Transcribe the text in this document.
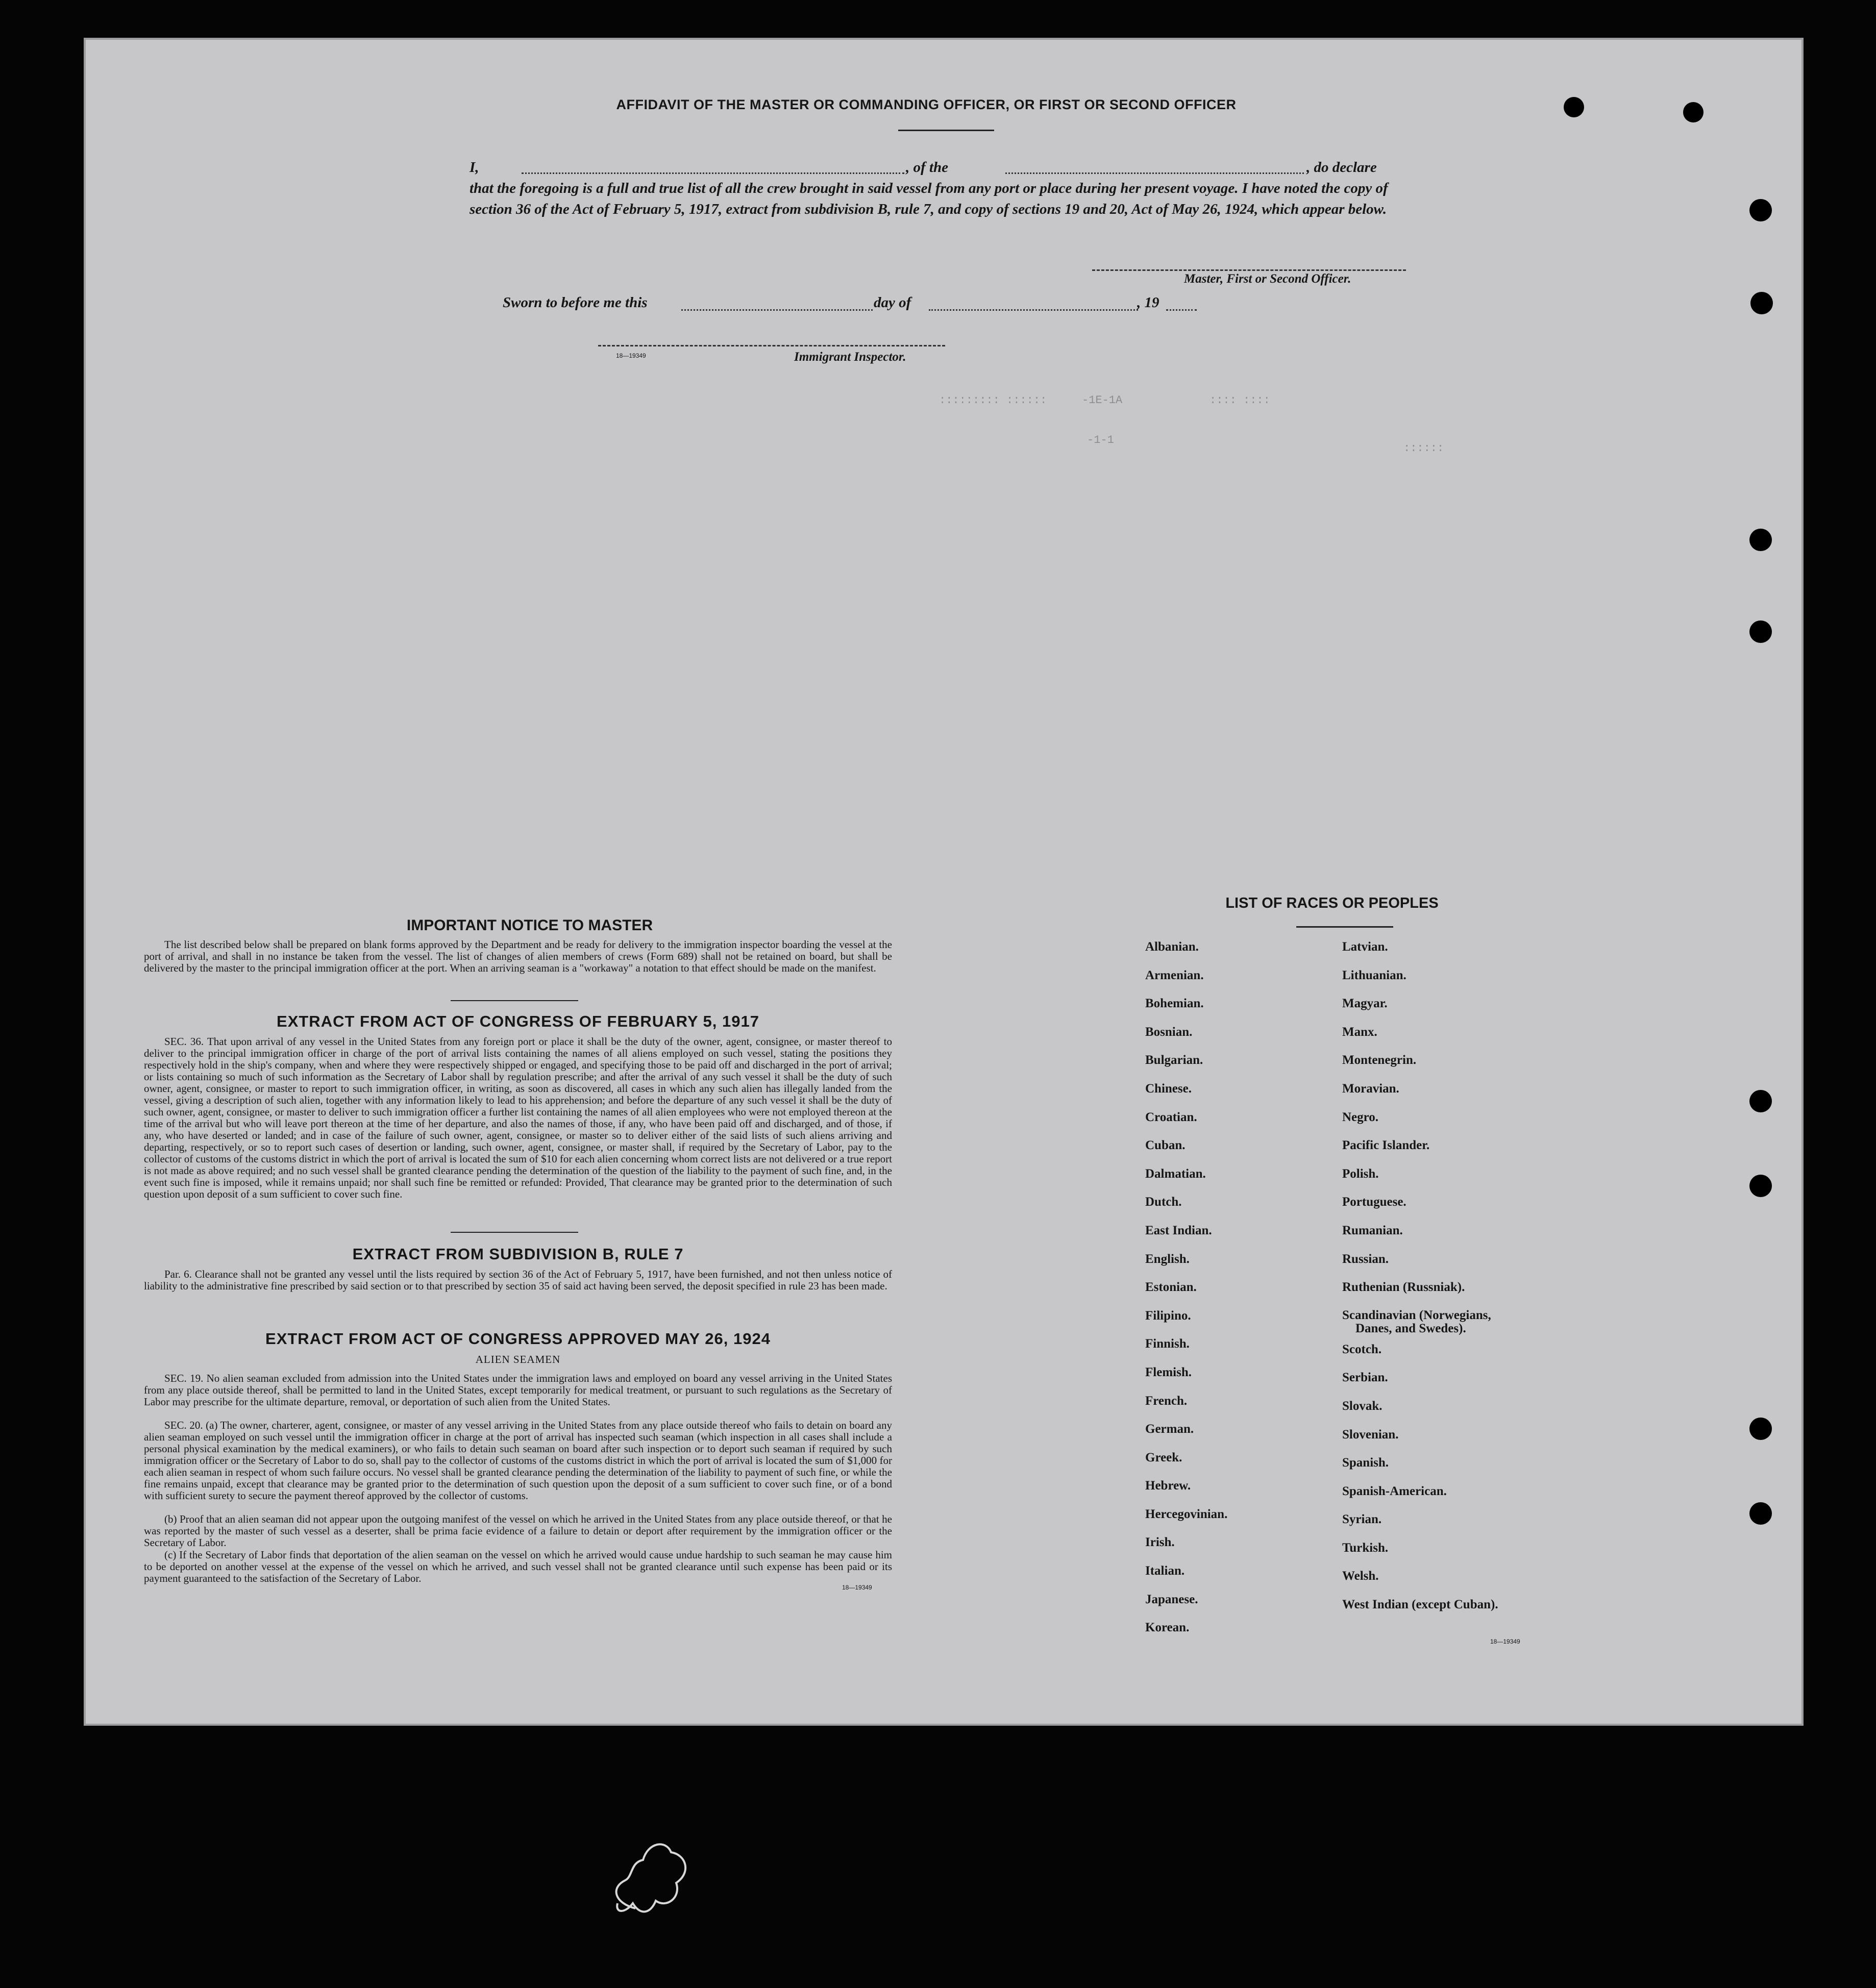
AFFIDAVIT OF THE MASTER OR COMMANDING OFFICER, OR FIRST OR SECOND OFFICER

I,	, of the	, do declare

that the foregoing is a full and true list of all the crew brought in said vessel from any port or place during her present voyage. I have noted the copy of section 36 of the Act of February 5, 1917, extract from subdivision B, rule 7, and copy of sections 19 and 20, Act of May 26, 1924, which appear below.

Master, First or Second Officer.
Sworn to before me this	day of	, 19
18—19349	Immigrant Inspector.
::::::::: ::::::	-1E-1A	:::: ::::
::::::
-1-1
IMPORTANT NOTICE TO MASTER
The list described below shall be prepared on blank forms approved by the Department and be ready for delivery to the immigration inspector boarding the vessel at the port of arrival, and shall in no instance be taken from the vessel. The list of changes of alien members of crews (Form 689) shall not be retained on board, but shall be delivered by the master to the principal immigration officer at the port. When an arriving seaman is a "workaway" a notation to that effect should be made on the manifest.
EXTRACT FROM ACT OF CONGRESS OF FEBRUARY 5, 1917
SEC. 36. That upon arrival of any vessel in the United States from any foreign port or place it shall be the duty of the owner, agent, consignee, or master thereof to deliver to the principal immigration officer in charge of the port of arrival lists containing the names of all aliens employed on such vessel, stating the positions they respectively hold in the ship's company, when and where they were respectively shipped or engaged, and specifying those to be paid off and discharged in the port of arrival; or lists containing so much of such information as the Secretary of Labor shall by regulation prescribe; and after the arrival of any such vessel it shall be the duty of such owner, agent, consignee, or master to report to such immigration officer, in writing, as soon as discovered, all cases in which any such alien has illegally landed from the vessel, giving a description of such alien, together with any information likely to lead to his apprehension; and before the departure of any such vessel it shall be the duty of such owner, agent, consignee, or master to deliver to such immigration officer a further list containing the names of all alien employees who were not employed thereon at the time of the arrival but who will leave port thereon at the time of her departure, and also the names of those, if any, who have been paid off and discharged, and of those, if any, who have deserted or landed; and in case of the failure of such owner, agent, consignee, or master so to deliver either of the said lists of such aliens arriving and departing, respectively, or so to report such cases of desertion or landing, such owner, agent, consignee, or master shall, if required by the Secretary of Labor, pay to the collector of customs of the customs district in which the port of arrival is located the sum of $10 for each alien concerning whom correct lists are not delivered or a true report is not made as above required; and no such vessel shall be granted clearance pending the determination of the question of the liability to the payment of such fine, and, in the event such fine is imposed, while it remains unpaid; nor shall such fine be remitted or refunded: Provided, That clearance may be granted prior to the determination of such question upon deposit of a sum sufficient to cover such fine.
EXTRACT FROM SUBDIVISION B, RULE 7
Par. 6. Clearance shall not be granted any vessel until the lists required by section 36 of the Act of February 5, 1917, have been furnished, and not then unless notice of liability to the administrative fine prescribed by said section or to that prescribed by section 35 of said act having been served, the deposit specified in rule 23 has been made.
EXTRACT FROM ACT OF CONGRESS APPROVED MAY 26, 1924
ALIEN SEAMEN
SEC. 19. No alien seaman excluded from admission into the United States under the immigration laws and employed on board any vessel arriving in the United States from any place outside thereof, shall be permitted to land in the United States, except temporarily for medical treatment, or pursuant to such regulations as the Secretary of Labor may prescribe for the ultimate departure, removal, or deportation of such alien from the United States.
SEC. 20. (a) The owner, charterer, agent, consignee, or master of any vessel arriving in the United States from any place outside thereof who fails to detain on board any alien seaman employed on such vessel until the immigration officer in charge at the port of arrival has inspected such seaman (which inspection in all cases shall include a personal physical examination by the medical examiners), or who fails to detain such seaman on board after such inspection or to deport such seaman if required by such immigration officer or the Secretary of Labor to do so, shall pay to the collector of customs of the customs district in which the port of arrival is located the sum of $1,000 for each alien seaman in respect of whom such failure occurs. No vessel shall be granted clearance pending the determination of the liability to payment of such fine, or while the fine remains unpaid, except that clearance may be granted prior to the determination of such question upon the deposit of a sum sufficient to cover such fine, or of a bond with sufficient surety to secure the payment thereof approved by the collector of customs.
(b) Proof that an alien seaman did not appear upon the outgoing manifest of the vessel on which he arrived in the United States from any place outside thereof, or that he was reported by the master of such vessel as a deserter, shall be prima facie evidence of a failure to detain or deport after requirement by the immigration officer or the Secretary of Labor.
(c) If the Secretary of Labor finds that deportation of the alien seaman on the vessel on which he arrived would cause undue hardship to such seaman he may cause him to be deported on another vessel at the expense of the vessel on which he arrived, and such vessel shall not be granted clearance until such expense has been paid or its payment guaranteed to the satisfaction of the Secretary of Labor.
18—19349
LIST OF RACES OR PEOPLES
Albanian.
Armenian.
Bohemian.
Bosnian.
Bulgarian.
Chinese.
Croatian.
Cuban.
Dalmatian.
Dutch.
East Indian.
English.
Estonian.
Filipino.
Finnish.
Flemish.
French.
German.
Greek.
Hebrew.
Hercegovinian.
Irish.
Italian.
Japanese.
Korean.
Latvian.
Lithuanian.
Magyar.
Manx.
Montenegrin.
Moravian.
Negro.
Pacific Islander.
Polish.
Portuguese.
Rumanian.
Russian.
Ruthenian (Russniak).
Scandinavian (Norwegians,
Danes, and Swedes).
Scotch.
Serbian.
Slovak.
Slovenian.
Spanish.
Spanish-American.
Syrian.
Turkish.
Welsh.
West Indian (except Cuban).
18—19349
